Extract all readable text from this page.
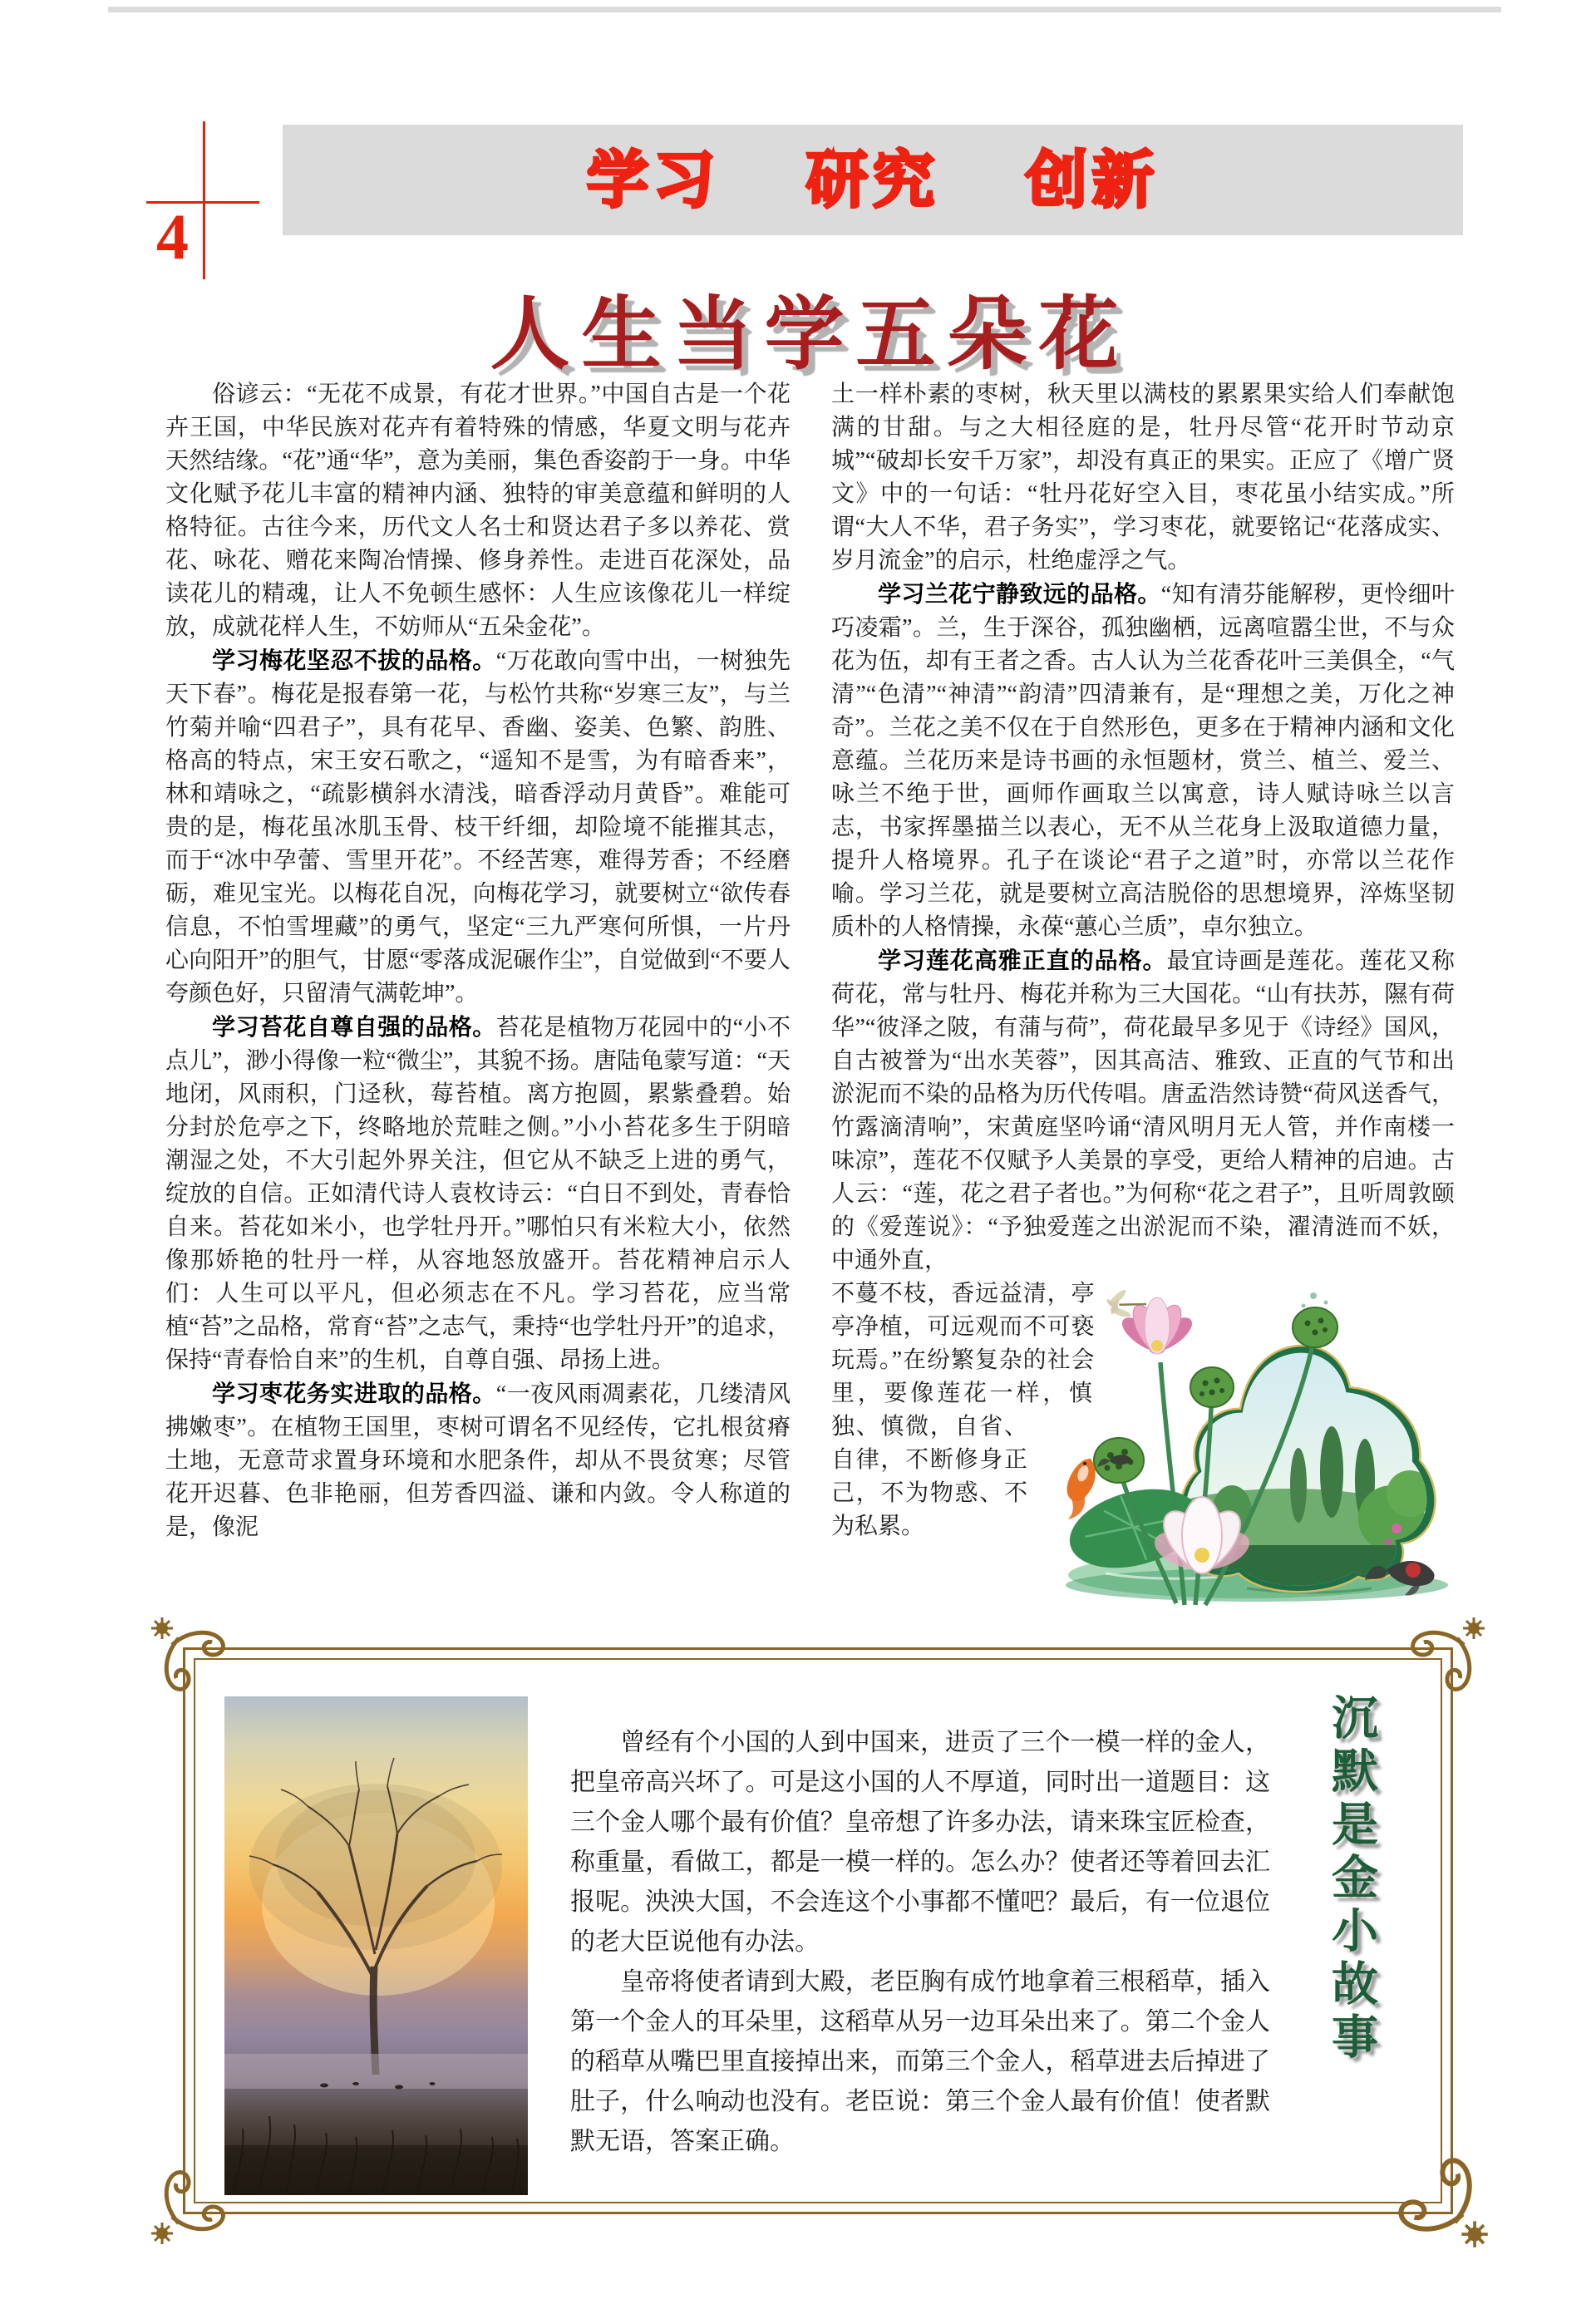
4
学习 研究 创新
人生当学五朵花

俗谚云：“无花不成景，有花才世界。”中国自古是一个花卉王国，中华民族对花卉有着特殊的情感，华夏文明与花卉天然结缘。“花”通“华”，意为美丽，集色香姿韵于一身。中华文化赋予花儿丰富的精神内涵、独特的审美意蕴和鲜明的人格特征。古往今来，历代文人名士和贤达君子多以养花、赏花、咏花、赠花来陶冶情操、修身养性。走进百花深处，品读花儿的精魂，让人不免顿生感怀：人生应该像花儿一样绽放，成就花样人生，不妨师从“五朵金花”。

学习梅花坚忍不拔的品格。“万花敢向雪中出，一树独先天下春”。梅花是报春第一花，与松竹共称“岁寒三友”，与兰竹菊并喻“四君子”，具有花早、香幽、姿美、色繁、韵胜、格高的特点，宋王安石歌之，“遥知不是雪，为有暗香来”，林和靖咏之，“疏影横斜水清浅，暗香浮动月黄昏”。难能可贵的是，梅花虽冰肌玉骨、枝干纤细，却险境不能摧其志，而于“冰中孕蕾、雪里开花”。不经苦寒，难得芳香；不经磨砺，难见宝光。以梅花自况，向梅花学习，就要树立“欲传春信息，不怕雪埋藏”的勇气，坚定“三九严寒何所惧，一片丹心向阳开”的胆气，甘愿“零落成泥碾作尘”，自觉做到“不要人夸颜色好，只留清气满乾坤”。

学习苔花自尊自强的品格。苔花是植物万花园中的“小不点儿”，渺小得像一粒“微尘”，其貌不扬。唐陆龟蒙写道：“天地闭，风雨积，门迳秋，莓苔植。离方抱圆，累紫叠碧。始分封於危亭之下，终略地於荒畦之侧。”小小苔花多生于阴暗潮湿之处，不大引起外界关注，但它从不缺乏上进的勇气，绽放的自信。正如清代诗人袁枚诗云：“白日不到处，青春恰自来。苔花如米小，也学牡丹开。”哪怕只有米粒大小，依然像那娇艳的牡丹一样，从容地怒放盛开。苔花精神启示人们：人生可以平凡，但必须志在不凡。学习苔花，应当常植“苔”之品格，常育“苔”之志气，秉持“也学牡丹开”的追求，保持“青春恰自来”的生机，自尊自强、昂扬上进。

学习枣花务实进取的品格。“一夜风雨凋素花，几缕清风拂嫩枣”。在植物王国里，枣树可谓名不见经传，它扎根贫瘠土地，无意苛求置身环境和水肥条件，却从不畏贫寒；尽管花开迟暮、色非艳丽，但芳香四溢、谦和内敛。令人称道的是，像泥

土一样朴素的枣树，秋天里以满枝的累累果实给人们奉献饱满的甘甜。与之大相径庭的是，牡丹尽管“花开时节动京城”“破却长安千万家”，却没有真正的果实。正应了《增广贤文》中的一句话：“牡丹花好空入目，枣花虽小结实成。”所谓“大人不华，君子务实”，学习枣花，就要铭记“花落成实、岁月流金”的启示，杜绝虚浮之气。

学习兰花宁静致远的品格。“知有清芬能解秽，更怜细叶巧凌霜”。兰，生于深谷，孤独幽栖，远离喧嚣尘世，不与众花为伍，却有王者之香。古人认为兰花香花叶三美俱全，“气清”“色清”“神清”“韵清”四清兼有，是“理想之美，万化之神奇”。兰花之美不仅在于自然形色，更多在于精神内涵和文化意蕴。兰花历来是诗书画的永恒题材，赏兰、植兰、爱兰、咏兰不绝于世，画师作画取兰以寓意，诗人赋诗咏兰以言志，书家挥墨描兰以表心，无不从兰花身上汲取道德力量，提升人格境界。孔子在谈论“君子之道”时，亦常以兰花作喻。学习兰花，就是要树立高洁脱俗的思想境界，淬炼坚韧质朴的人格情操，永葆“蕙心兰质”，卓尔独立。

学习莲花高雅正直的品格。最宜诗画是莲花。莲花又称荷花，常与牡丹、梅花并称为三大国花。“山有扶苏，隰有荷华”“彼泽之陂，有蒲与荷”，荷花最早多见于《诗经》国风，自古被誉为“出水芙蓉”，因其高洁、雅致、正直的气节和出淤泥而不染的品格为历代传唱。唐孟浩然诗赞“荷风送香气，竹露滴清响”，宋黄庭坚吟诵“清风明月无人管，并作南楼一味凉”，莲花不仅赋予人美景的享受，更给人精神的启迪。古人云：“莲，花之君子者也。”为何称“花之君子”，且听周敦颐的《爱莲说》：“予独爱莲之出淤泥而不染，濯清涟而不妖，中通外直，

不蔓不枝，香远益清，亭亭净植，可远观而不可亵玩焉。”在纷繁复杂的社会里，要像莲花一样，慎独、慎微，自省、自律，不断修身正己，不为物惑、不为私累。

曾经有个小国的人到中国来，进贡了三个一模一样的金人，把皇帝高兴坏了。可是这小国的人不厚道，同时出一道题目：这三个金人哪个最有价值？皇帝想了许多办法，请来珠宝匠检查，称重量，看做工，都是一模一样的。怎么办？使者还等着回去汇报呢。泱泱大国，不会连这个小事都不懂吧？最后，有一位退位的老大臣说他有办法。

皇帝将使者请到大殿，老臣胸有成竹地拿着三根稻草，插入第一个金人的耳朵里，这稻草从另一边耳朵出来了。第二个金人的稻草从嘴巴里直接掉出来，而第三个金人，稻草进去后掉进了肚子，什么响动也没有。老臣说：第三个金人最有价值！使者默默无语，答案正确。

沉默是金小故事
